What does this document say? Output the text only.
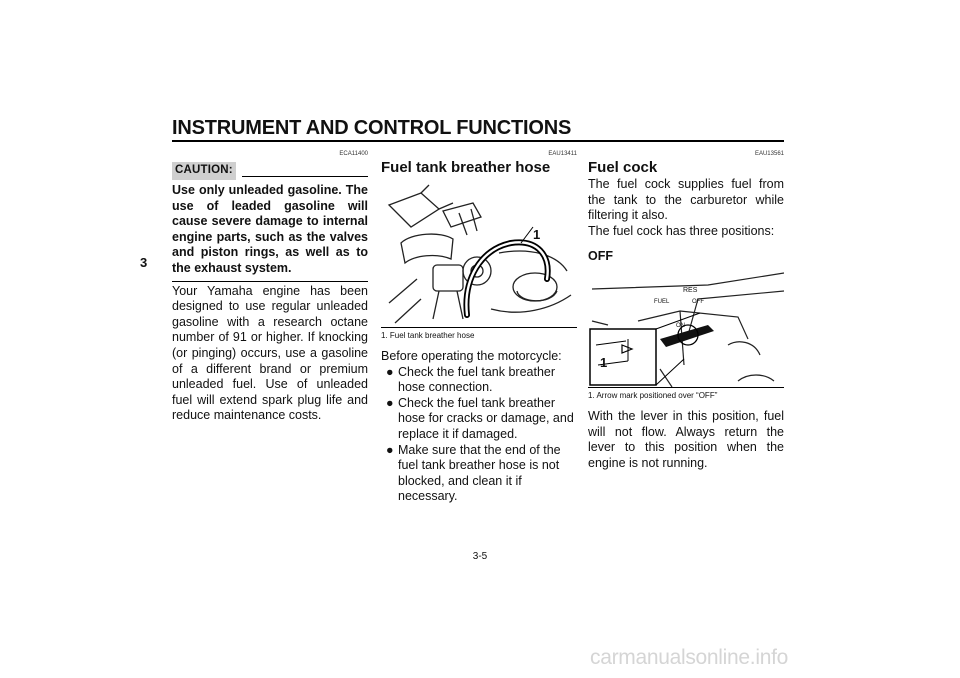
INSTRUMENT AND CONTROL FUNCTIONS
3
ECA11400
CAUTION:

Use only unleaded gasoline. The use of leaded gasoline will cause severe damage to internal engine parts, such as the valves and piston rings, as well as to the exhaust system.

Your Yamaha engine has been designed to use regular unleaded gasoline with a research octane number of 91 or higher. If knocking (or pinging) occurs, use a gasoline of a different brand or premium unleaded fuel. Use of unleaded fuel will extend spark plug life and reduce maintenance costs.

EAU13411
Fuel tank breather hose
1
1. Fuel tank breather hose

Before operating the motorcycle:

● Check the fuel tank breather hose connection.
● Check the fuel tank breather hose for cracks or damage, and replace it if damaged.
● Make sure that the end of the fuel tank breather hose is not blocked, and clean it if necessary.
EAU13561
Fuel cock

The fuel cock supplies fuel from the tank to the carburetor while filtering it also.

The fuel cock has three positions:

OFF

RES
FUEL	OFF
ON
1
1. Arrow mark positioned over “OFF”

With the lever in this position, fuel will not flow. Always return the lever to this position when the engine is not running.

3-5
carmanualsonline.info
